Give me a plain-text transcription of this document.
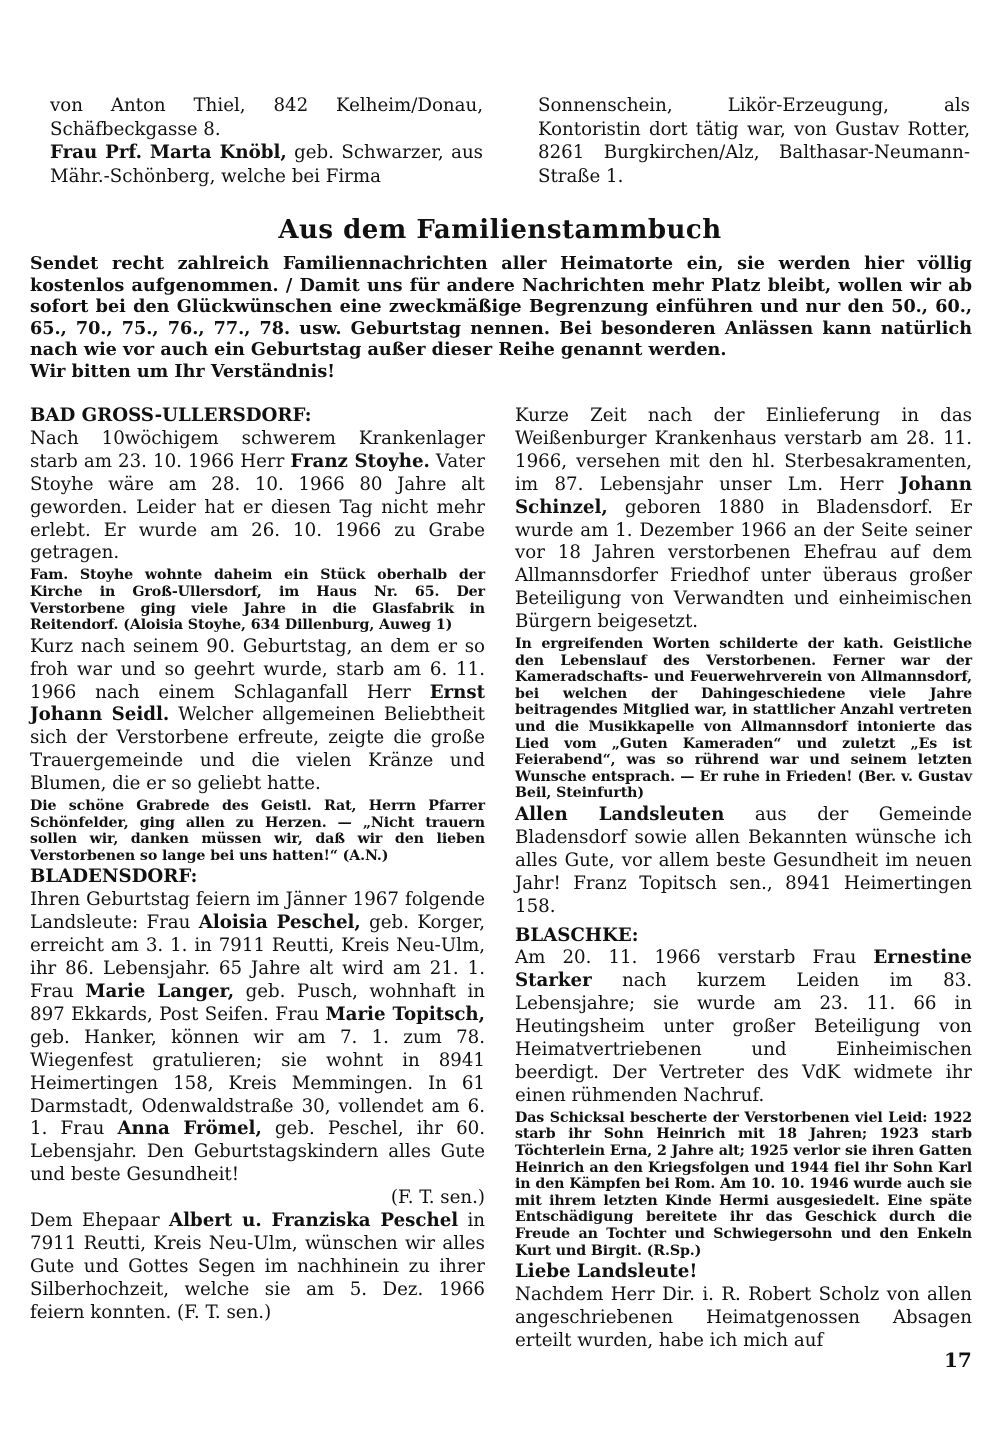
von Anton Thiel, 842 Kelheim/Donau, Schäfbeckgasse 8.

Frau Prf. Marta Knöbl, geb. Schwarzer, aus Mähr.-Schönberg, welche bei Firma

Sonnenschein, Likör-Erzeugung, als Kontoristin dort tätig war, von Gustav Rotter, 8261 Burgkirchen/Alz, Balthasar-Neumann-Straße 1.

Aus dem Familienstammbuch
Sendet recht zahlreich Familiennachrichten aller Heimatorte ein, sie werden hier völlig kostenlos aufgenommen. / Damit uns für andere Nachrichten mehr Platz bleibt, wollen wir ab sofort bei den Glückwünschen eine zweckmäßige Begrenzung einführen und nur den 50., 60., 65., 70., 75., 76., 77., 78. usw. Geburtstag nennen. Bei besonderen Anlässen kann natürlich nach wie vor auch ein Geburtstag außer dieser Reihe genannt werden.
Wir bitten um Ihr Verständnis!
BAD GROSS-ULLERSDORF:

Nach 10wöchigem schwerem Krankenlager starb am 23. 10. 1966 Herr Franz Stoyhe. Vater Stoyhe wäre am 28. 10. 1966 80 Jahre alt geworden. Leider hat er diesen Tag nicht mehr erlebt. Er wurde am 26. 10. 1966 zu Grabe getragen.

Fam. Stoyhe wohnte daheim ein Stück oberhalb der Kirche in Groß-Ullersdorf, im Haus Nr. 65. Der Verstorbene ging viele Jahre in die Glasfabrik in Reitendorf. (Aloisia Stoyhe, 634 Dillenburg, Auweg 1)

Kurz nach seinem 90. Geburtstag, an dem er so froh war und so geehrt wurde, starb am 6. 11. 1966 nach einem Schlaganfall Herr Ernst Johann Seidl. Welcher allgemeinen Beliebtheit sich der Verstorbene erfreute, zeigte die große Trauergemeinde und die vielen Kränze und Blumen, die er so geliebt hatte.

Die schöne Grabrede des Geistl. Rat, Herrn Pfarrer Schönfelder, ging allen zu Herzen. — „Nicht trauern sollen wir, danken müssen wir, daß wir den lieben Verstorbenen so lange bei uns hatten!“ (A.N.)

BLADENSDORF:

Ihren Geburtstag feiern im Jänner 1967 folgende Landsleute: Frau Aloisia Peschel, geb. Korger, erreicht am 3. 1. in 7911 Reutti, Kreis Neu-Ulm, ihr 86. Lebensjahr. 65 Jahre alt wird am 21. 1. Frau Marie Langer, geb. Pusch, wohnhaft in 897 Ekkards, Post Seifen. Frau Marie Topitsch, geb. Hanker, können wir am 7. 1. zum 78. Wiegenfest gratulieren; sie wohnt in 8941 Heimertingen 158, Kreis Memmingen. In 61 Darmstadt, Odenwaldstraße 30, vollendet am 6. 1. Frau Anna Frömel, geb. Peschel, ihr 60. Lebensjahr. Den Geburtstagskindern alles Gute und beste Gesundheit!

(F. T. sen.)

Dem Ehepaar Albert u. Franziska Peschel in 7911 Reutti, Kreis Neu-Ulm, wünschen wir alles Gute und Gottes Segen im nachhinein zu ihrer Silberhochzeit, welche sie am 5. Dez. 1966 feiern konnten. (F. T. sen.)

Kurze Zeit nach der Einlieferung in das Weißenburger Krankenhaus verstarb am 28. 11. 1966, versehen mit den hl. Sterbesakramenten, im 87. Lebensjahr unser Lm. Herr Johann Schinzel, geboren 1880 in Bladensdorf. Er wurde am 1. Dezember 1966 an der Seite seiner vor 18 Jahren verstorbenen Ehefrau auf dem Allmannsdorfer Friedhof unter überaus großer Beteiligung von Verwandten und einheimischen Bürgern beigesetzt.

In ergreifenden Worten schilderte der kath. Geistliche den Lebenslauf des Verstorbenen. Ferner war der Kameradschafts- und Feuerwehrverein von Allmannsdorf, bei welchen der Dahingeschiedene viele Jahre beitragendes Mitglied war, in stattlicher Anzahl vertreten und die Musikkapelle von Allmannsdorf intonierte das Lied vom „Guten Kameraden“ und zuletzt „Es ist Feierabend“, was so rührend war und seinem letzten Wunsche entsprach. — Er ruhe in Frieden! (Ber. v. Gustav Beil, Steinfurth)

Allen Landsleuten aus der Gemeinde Bladensdorf sowie allen Bekannten wünsche ich alles Gute, vor allem beste Gesundheit im neuen Jahr! Franz Topitsch sen., 8941 Heimertingen 158.

BLASCHKE:

Am 20. 11. 1966 verstarb Frau Ernestine Starker nach kurzem Leiden im 83. Lebensjahre; sie wurde am 23. 11. 66 in Heutingsheim unter großer Beteiligung von Heimatvertriebenen und Einheimischen beerdigt. Der Vertreter des VdK widmete ihr einen rühmenden Nachruf.

Das Schicksal bescherte der Verstorbenen viel Leid: 1922 starb ihr Sohn Heinrich mit 18 Jahren; 1923 starb Töchterlein Erna, 2 Jahre alt; 1925 verlor sie ihren Gatten Heinrich an den Kriegsfolgen und 1944 fiel ihr Sohn Karl in den Kämpfen bei Rom. Am 10. 10. 1946 wurde auch sie mit ihrem letzten Kinde Hermi ausgesiedelt. Eine späte Entschädigung bereitete ihr das Geschick durch die Freude an Tochter und Schwiegersohn und den Enkeln Kurt und Birgit. (R.Sp.)

Liebe Landsleute!

Nachdem Herr Dir. i. R. Robert Scholz von allen angeschriebenen Heimatgenossen Absagen erteilt wurden, habe ich mich auf

17
